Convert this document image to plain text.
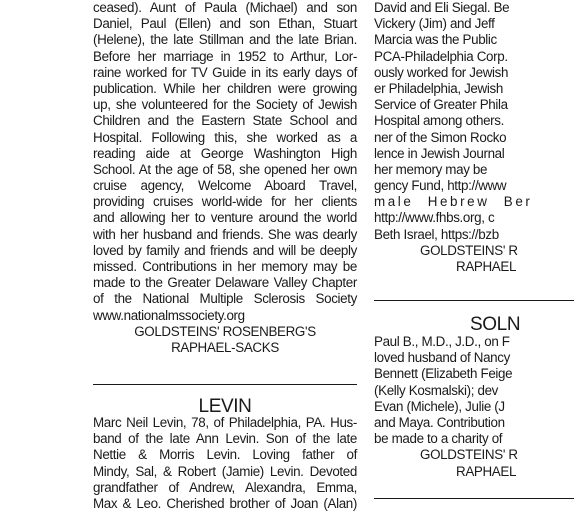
ceased). Aunt of Paula (Michael) and son
Daniel, Paul (Ellen) and son Ethan, Stuart
(Helene), the late Stillman and the late Brian.
Before her marriage in 1952 to Arthur, Lor-
raine worked for TV Guide in its early days of
publication. While her children were growing
up, she volunteered for the Society of Jewish
Children and the Eastern State School and
Hospital. Following this, she worked as a
reading aide at George Washington High
School. At the age of 58, she opened her own
cruise agency, Welcome Aboard Travel,
providing cruises world-wide for her clients
and allowing her to venture around the world
with her husband and friends. She was dearly
loved by family and friends and will be deeply
missed. Contributions in her memory may be
made to the Greater Delaware Valley Chapter
of the National Multiple Sclerosis Society
www.nationalmssociety.org
GOLDSTEINS' ROSENBERG'S
RAPHAEL-SACKS
LEVIN
Marc Neil Levin, 78, of Philadelphia, PA. Hus-
band of the late Ann Levin. Son of the late
Nettie & Morris Levin. Loving father of
Mindy, Sal, & Robert (Jamie) Levin. Devoted
grandfather of Andrew, Alexandra, Emma,
Max & Leo. Cherished brother of Joan (Alan)
David and Eli Siegal. Be
Vickery (Jim) and Jeff
Marcia was the Public
PCA-Philadelphia Corp.
ously worked for Jewish
er Philadelphia, Jewish
Service of Greater Phila
Hospital among others.
ner of the Simon Rocko
lence in Jewish Journal
her memory may be
gency Fund, http://www
male Hebrew Ber
http://www.fhbs.org, c
Beth Israel, https://bzb
GOLDSTEINS' R
RAPHAEL
SOLN
Paul B., M.D., J.D., on F
loved husband of Nancy
Bennett (Elizabeth Feige
(Kelly Kosmalski); dev
Evan (Michele), Julie (J
and Maya. Contribution
be made to a charity of
GOLDSTEINS' R
RAPHAEL
